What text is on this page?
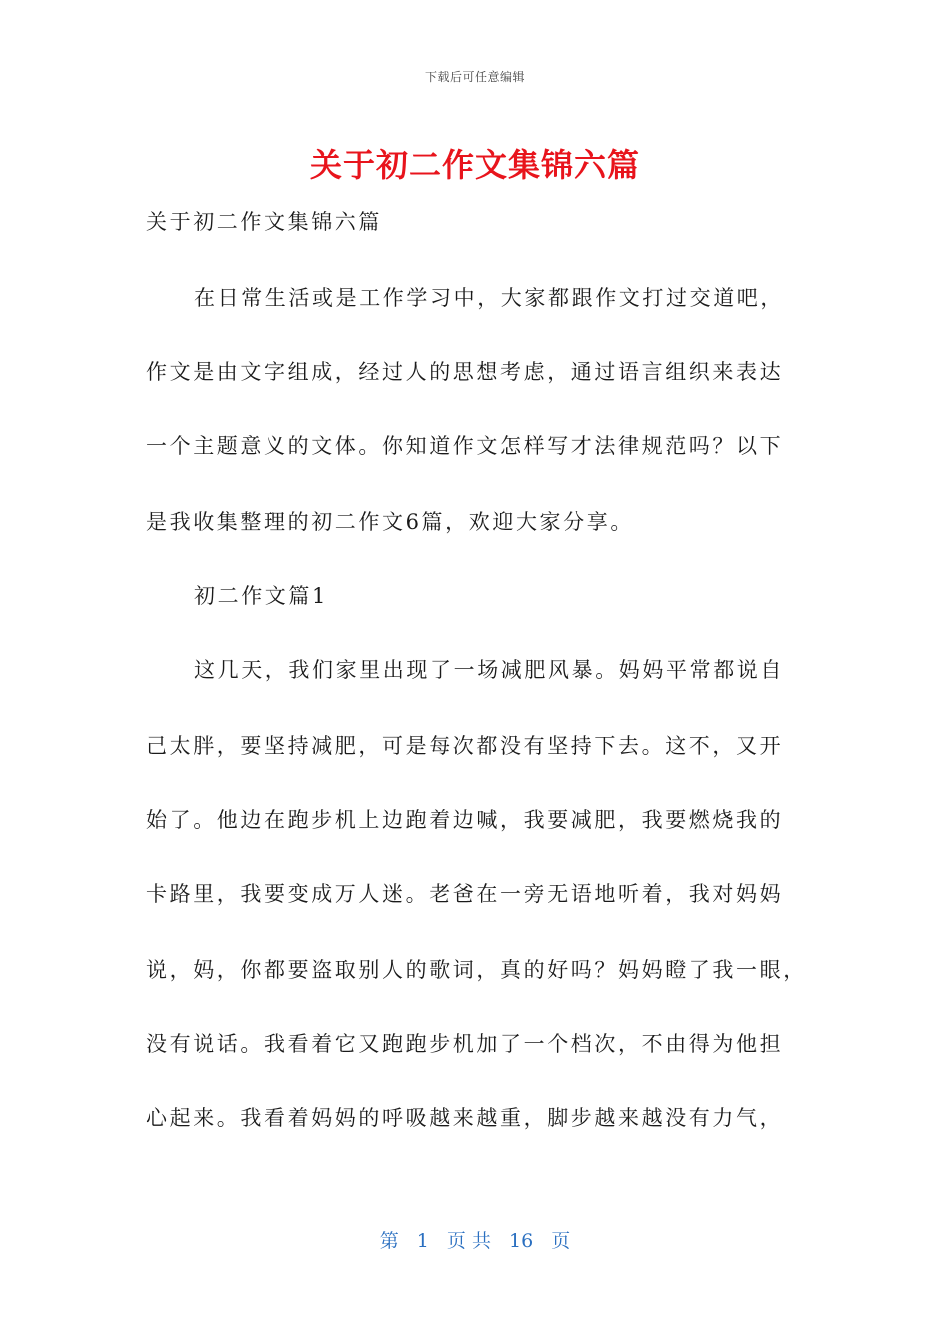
下载后可任意编辑
关于初二作文集锦六篇
关于初二作文集锦六篇
在日常生活或是工作学习中，大家都跟作文打过交道吧，
作文是由文字组成，经过人的思想考虑，通过语言组织来表达
一个主题意义的文体。你知道作文怎样写才法律规范吗？以下
是我收集整理的初二作文6篇，欢迎大家分享。
初二作文篇1
这几天，我们家里出现了一场减肥风暴。妈妈平常都说自
己太胖，要坚持减肥，可是每次都没有坚持下去。这不，又开
始了。他边在跑步机上边跑着边喊，我要减肥，我要燃烧我的
卡路里，我要变成万人迷。老爸在一旁无语地听着，我对妈妈
说，妈，你都要盗取别人的歌词，真的好吗？妈妈瞪了我一眼，
没有说话。我看着它又跑跑步机加了一个档次，不由得为他担
心起来。我看着妈妈的呼吸越来越重，脚步越来越没有力气，
第 1 页 共 16 页
